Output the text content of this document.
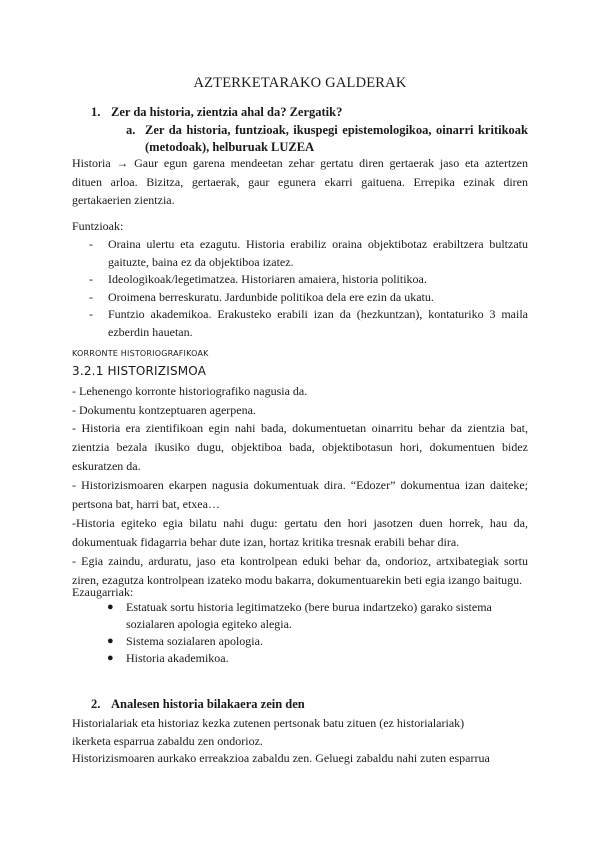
AZTERKETARAKO GALDERAK
1. Zer da historia, zientzia ahal da? Zergatik?
a. Zer da historia, funtzioak, ikuspegi epistemologikoa, oinarri kritikoak (metodoak), helburuak LUZEA
Historia → Gaur egun garena mendeetan zehar gertatu diren gertaerak jaso eta aztertzen dituen arloa. Bizitza, gertaerak, gaur egunera ekarri gaituena. Errepika ezinak diren gertakaerien zientzia.
Funtzioak:
- Oraina ulertu eta ezagutu. Historia erabiliz oraina objektibotaz erabiltzera bultzatu gaituzte, baina ez da objektiboa izatez.
- Ideologikoak/legetimatzea. Historiaren amaiera, historia politikoa.
- Oroimena berreskuratu. Jardunbide politikoa dela ere ezin da ukatu.
- Funtzio akademikoa. Erakusteko erabili izan da (hezkuntzan), kontaturiko 3 maila ezberdin hauetan.
KORRONTE HISTORIOGRAFIKOAK
3.2.1 HISTORIZISMOA
- Lehenengo korronte historiografiko nagusia da.
- Dokumentu kontzeptuaren agerpena.
- Historia era zientifikoan egin nahi bada, dokumentuetan oinarritu behar da zientzia bat, zientzia bezala ikusiko dugu, objektiboa bada, objektibotasun hori, dokumentuen bidez eskuratzen da.
- Historizismoaren ekarpen nagusia dokumentuak dira. “Edozer” dokumentua izan daiteke; pertsona bat, harri bat, etxea…
-Historia egiteko egia bilatu nahi dugu: gertatu den hori jasotzen duen horrek, hau da, dokumentuak fidagarria behar dute izan, hortaz kritika tresnak erabili behar dira.
- Egia zaindu, arduratu, jaso eta kontrolpean eduki behar da, ondorioz, artxibategiak sortu ziren, ezagutza kontrolpean izateko modu bakarra, dokumentuarekin beti egia izango baitugu.
Ezaugarriak:
● Estatuak sortu historia legitimatzeko (bere burua indartzeko) garako sistema sozialaren apologia egiteko alegia.
● Sistema sozialaren apologia.
● Historia akademikoa.
2. Analesen historia bilakaera zein den
Historialariak eta historiaz kezka zutenen pertsonak batu zituen (ez historialariak)
ikerketa esparrua zabaldu zen ondorioz.
Historizismoaren aurkako erreakzioa zabaldu zen. Geluegi zabaldu nahi zuten esparrua
